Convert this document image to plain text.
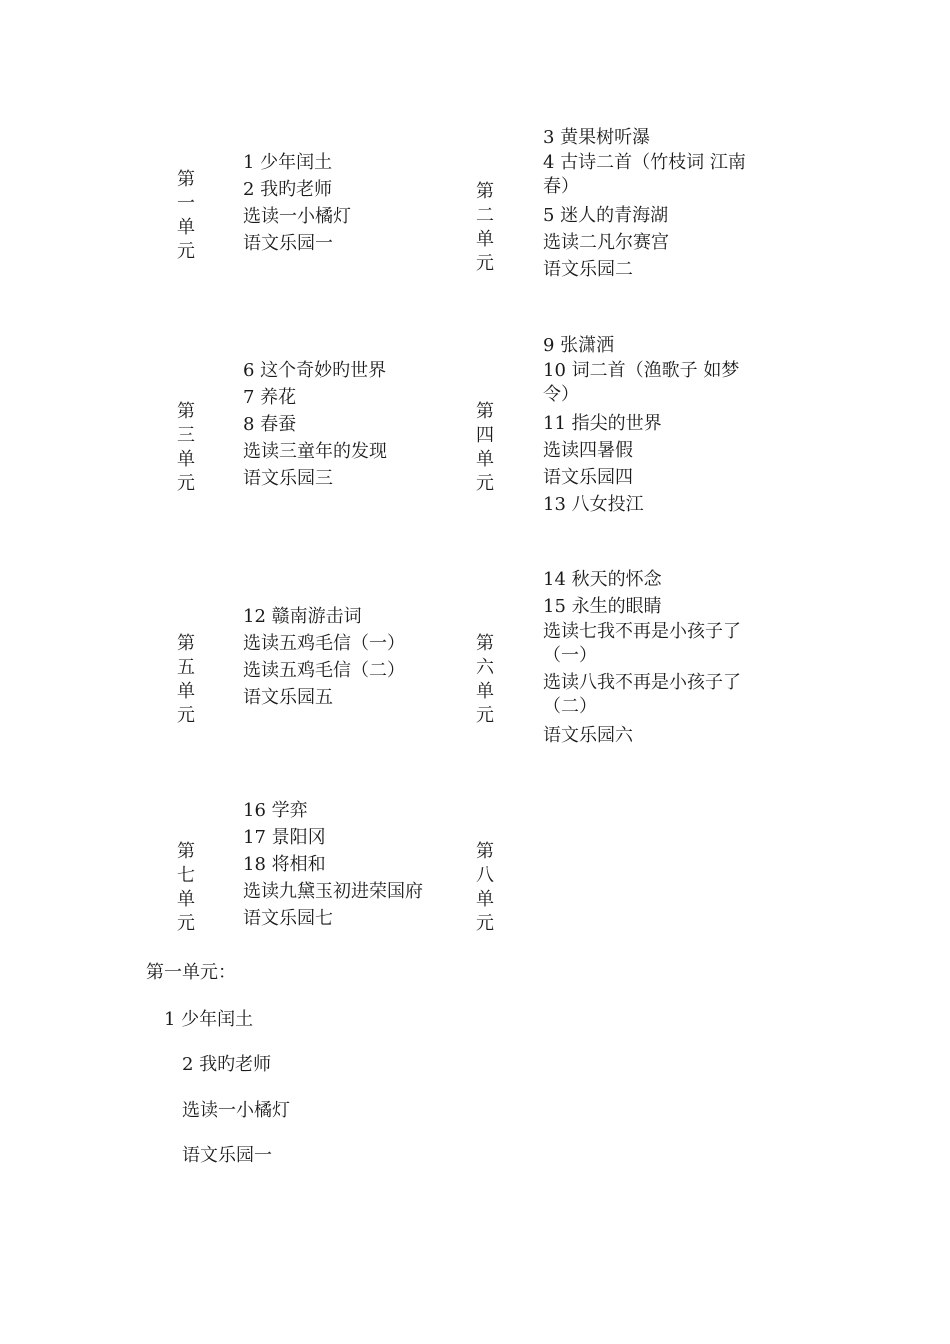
第
一
单
元
1 少年闰土
2 我旳老师
选读一小橘灯
语文乐园一
第
二
单
元
3 黄果树听瀑
4 古诗二首（竹枝词 江南春）
5 迷人的青海湖
选读二凡尔赛宫
语文乐园二
第
三
单
元
6 这个奇妙旳世界
7 养花
8 春蚕
选读三童年的发现
语文乐园三
第
四
单
元
9 张潇洒
10 词二首（渔歌子 如梦令）
11 指尖的世界
选读四暑假
语文乐园四
13 八女投江
第
五
单
元
12 赣南游击词
选读五鸡毛信（一）
选读五鸡毛信（二）
语文乐园五
第
六
单
元
14 秋天的怀念
15 永生的眼睛
选读七我不再是小孩子了（一）
选读八我不再是小孩子了（二）
语文乐园六
第
七
单
元
16 学弈
17 景阳冈
18 将相和
选读九黛玉初进荣国府
语文乐园七
第
八
单
元
第一单元：
1 少年闰土
2 我旳老师
选读一小橘灯
语文乐园一
